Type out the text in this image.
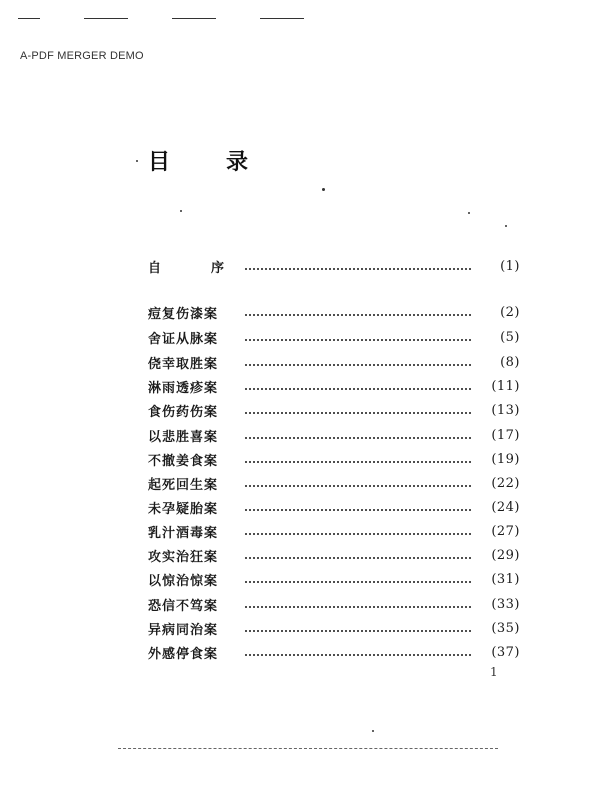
A-PDF MERGER DEMO
目	录
自	序	(1)
痘复伤漆案	(2)
舍证从脉案	(5)
侥幸取胜案	(8)
淋雨透疹案	(11)
食伤药伤案	(13)
以悲胜喜案	(17)
不撤姜食案	(19)
起死回生案	(22)
未孕疑胎案	(24)
乳汁酒毒案	(27)
攻实治狂案	(29)
以惊治惊案	(31)
恐信不笃案	(33)
异病同治案	(35)
外感停食案	(37)
1
